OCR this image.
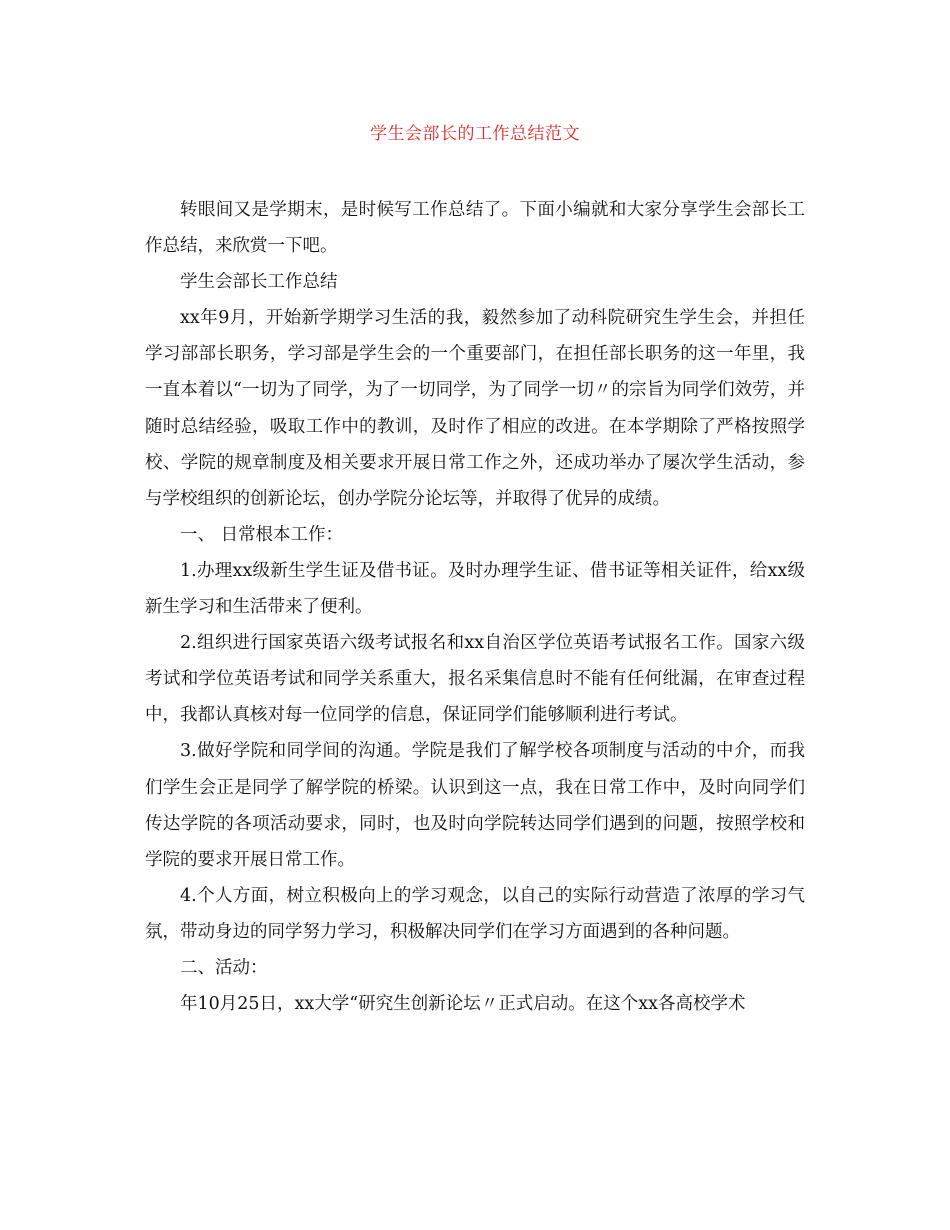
学生会部长的工作总结范文

转眼间又是学期末，是时候写工作总结了。下面小编就和大家分享学生会部长工作总结，来欣赏一下吧。

学生会部长工作总结

xx年9月，开始新学期学习生活的我，毅然参加了动科院研究生学生会，并担任学习部部长职务，学习部是学生会的一个重要部门，在担任部长职务的这一年里，我一直本着以“一切为了同学，为了一切同学，为了同学一切〃的宗旨为同学们效劳，并随时总结经验，吸取工作中的教训，及时作了相应的改进。在本学期除了严格按照学校、学院的规章制度及相关要求开展日常工作之外，还成功举办了屡次学生活动，参与学校组织的创新论坛，创办学院分论坛等，并取得了优异的成绩。

一、 日常根本工作：

1.办理xx级新生学生证及借书证。及时办理学生证、借书证等相关证件，给xx级新生学习和生活带来了便利。

2.组织进行国家英语六级考试报名和xx自治区学位英语考试报名工作。国家六级考试和学位英语考试和同学关系重大，报名采集信息时不能有任何纰漏，在审查过程中，我都认真核对每一位同学的信息，保证同学们能够顺利进行考试。

3.做好学院和同学间的沟通。学院是我们了解学校各项制度与活动的中介，而我们学生会正是同学了解学院的桥梁。认识到这一点，我在日常工作中，及时向同学们传达学院的各项活动要求，同时，也及时向学院转达同学们遇到的问题，按照学校和学院的要求开展日常工作。

4.个人方面，树立积极向上的学习观念，以自己的实际行动营造了浓厚的学习气氛，带动身边的同学努力学习，积极解决同学们在学习方面遇到的各种问题。

二、活动：

年10月25日，xx大学“研究生创新论坛〃正式启动。在这个xx各高校学术
